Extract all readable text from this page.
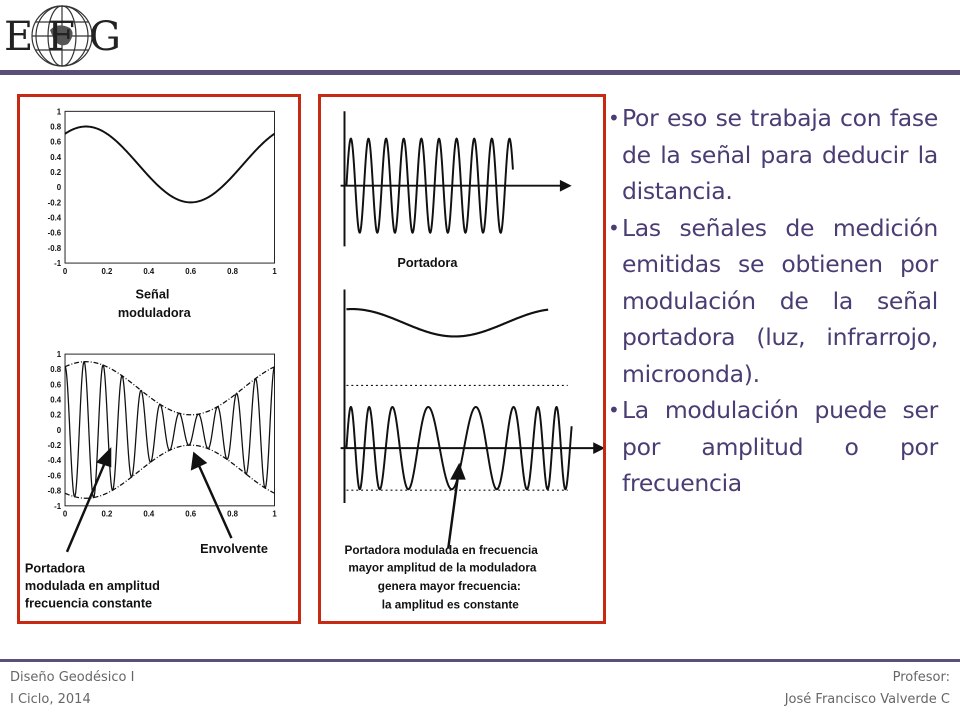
EFG
1
0.8
0.6
0.4
0.2
0
-0.2
-0.4
-0.6
-0.8
-1
0	0.2	0.4	0.6	0.8	1
Señal
moduladora
1
0.8
0.6
0.4
0.2
0
-0.2
-0.4
-0.6
-0.8
-1
0	0.2	0.4	0.6	0.8	1
Envolvente
Portadora
modulada en amplitud
frecuencia constante
Portadora
Portadora modulada en frecuencia
mayor amplitud de la moduladora
genera mayor frecuencia:
la amplitud es constante
• Por eso se trabaja con fase de la señal para deducir la distancia.
• Las señales de medición emitidas se obtienen por modulación de la señal portadora (luz, infrarrojo, microonda).
• La modulación puede ser por amplitud o por frecuencia
Diseño Geodésico I
I Ciclo, 2014
Profesor:
José Francisco Valverde C
